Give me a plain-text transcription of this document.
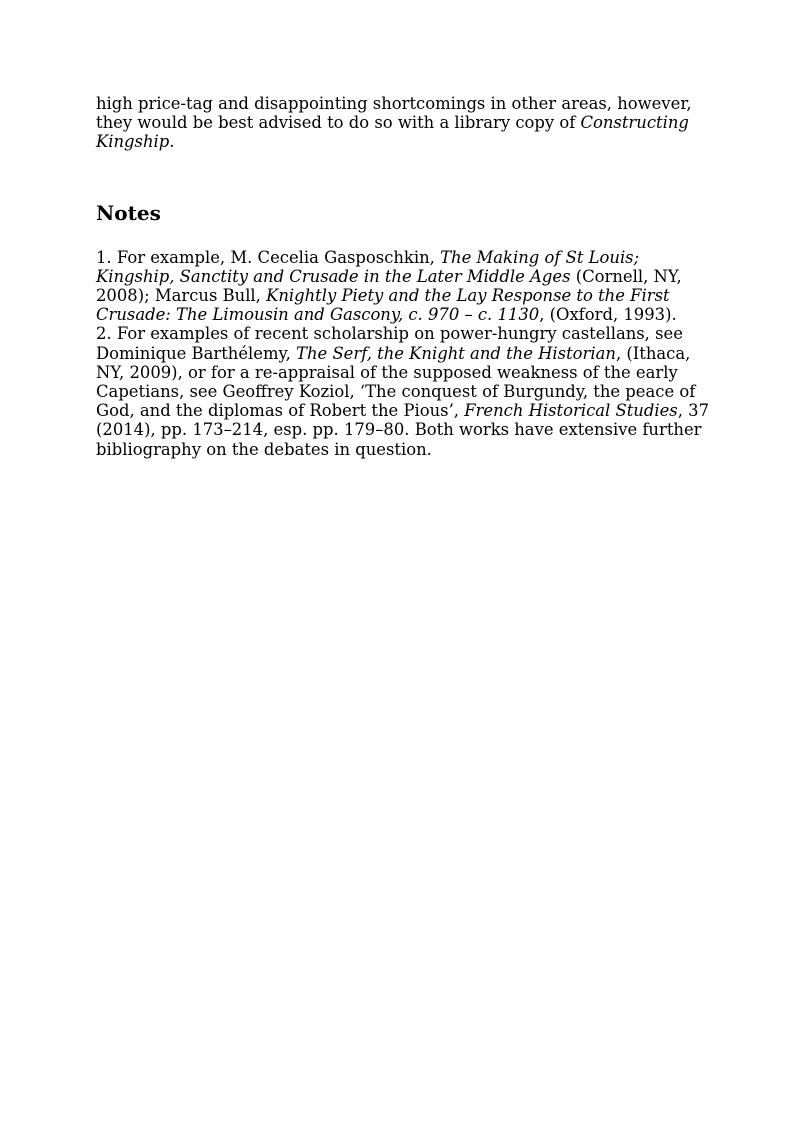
high price-tag and disappointing shortcomings in other areas, however, they would be best advised to do so with a library copy of Constructing Kingship.

Notes

1. For example, M. Cecelia Gasposchkin, The Making of St Louis; Kingship, Sanctity and Crusade in the Later Middle Ages (Cornell, NY, 2008); Marcus Bull, Knightly Piety and the Lay Response to the First Crusade: The Limousin and Gascony, c. 970 – c. 1130, (Oxford, 1993).

2. For examples of recent scholarship on power-hungry castellans, see Dominique Barthélemy, The Serf, the Knight and the Historian, (Ithaca, NY, 2009), or for a re-appraisal of the supposed weakness of the early Capetians, see Geoffrey Koziol, ‘The conquest of Burgundy, the peace of God, and the diplomas of Robert the Pious’, French Historical Studies, 37 (2014), pp. 173–214, esp. pp. 179–80. Both works have extensive further bibliography on the debates in question.
